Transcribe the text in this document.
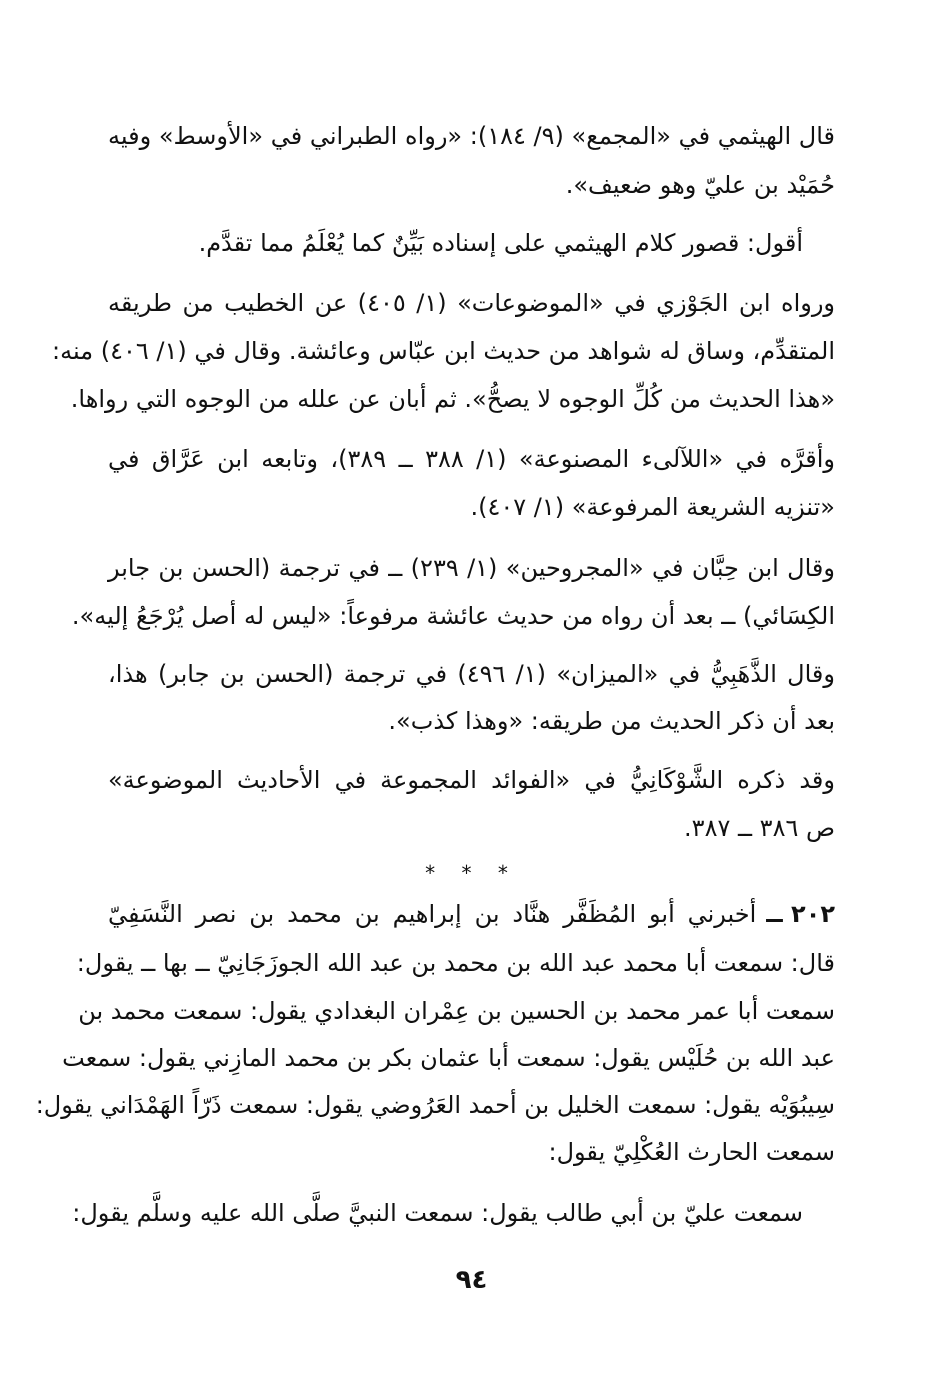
قال الهيثمي في «المجمع» (٩/ ١٨٤): «رواه الطبراني في «الأوسط» وفيه
حُمَيْد بن عليّ وهو ضعيف».
أقول: قصور كلام الهيثمي على إسناده بَيِّنٌ كما يُعْلَمُ مما تقدَّم.
ورواه ابن الجَوْزي في «الموضوعات» (١/ ٤٠٥) عن الخطيب من طريقه
المتقدِّم، وساق له شواهد من حديث ابن عبّاس وعائشة. وقال في (١/ ٤٠٦) منه:
«هذا الحديث من كُلِّ الوجوه لا يصحُّ». ثم أبان عن علله من الوجوه التي رواها.
وأقرَّه في «اللآلىء المصنوعة» (١/ ٣٨٨ ــ ٣٨٩)، وتابعه ابن عَرَّاق في
«تنزيه الشريعة المرفوعة» (١/ ٤٠٧).
وقال ابن حِبَّان في «المجروحين» (١/ ٢٣٩) ــ في ترجمة (الحسن بن جابر
الكِسَائي) ــ بعد أن رواه من حديث عائشة مرفوعاً: «ليس له أصل يُرْجَعُ إليه».
وقال الذَّهَبِيُّ في «الميزان» (١/ ٤٩٦) في ترجمة (الحسن بن جابر) هذا،
بعد أن ذكر الحديث من طريقه: «وهذا كذب».
وقد ذكره الشَّوْكَانِيُّ في «الفوائد المجموعة في الأحاديث الموضوعة»
ص ٣٨٦ ــ ٣٨٧.
* * *
٢٠٢ ــ
أخبرني أبو المُظَفَّر هنَّاد بن إبراهيم بن محمد بن نصر النَّسَفِيّ
قال: سمعت أبا محمد عبد الله بن محمد بن عبد الله الجوزَجَانِيّ ــ بها ــ يقول:
سمعت أبا عمر محمد بن الحسين بن عِمْران البغدادي يقول: سمعت محمد بن
عبد الله بن حُلَيْس يقول: سمعت أبا عثمان بكر بن محمد المازِني يقول: سمعت
سِيبُوَيْه يقول: سمعت الخليل بن أحمد العَرُوضي يقول: سمعت ذَرّاً الهَمْدَاني يقول:
سمعت الحارث العُكْلِيّ يقول:
سمعت عليّ بن أبي طالب يقول: سمعت النبيَّ صلَّى الله عليه وسلَّم يقول:
٩٤
